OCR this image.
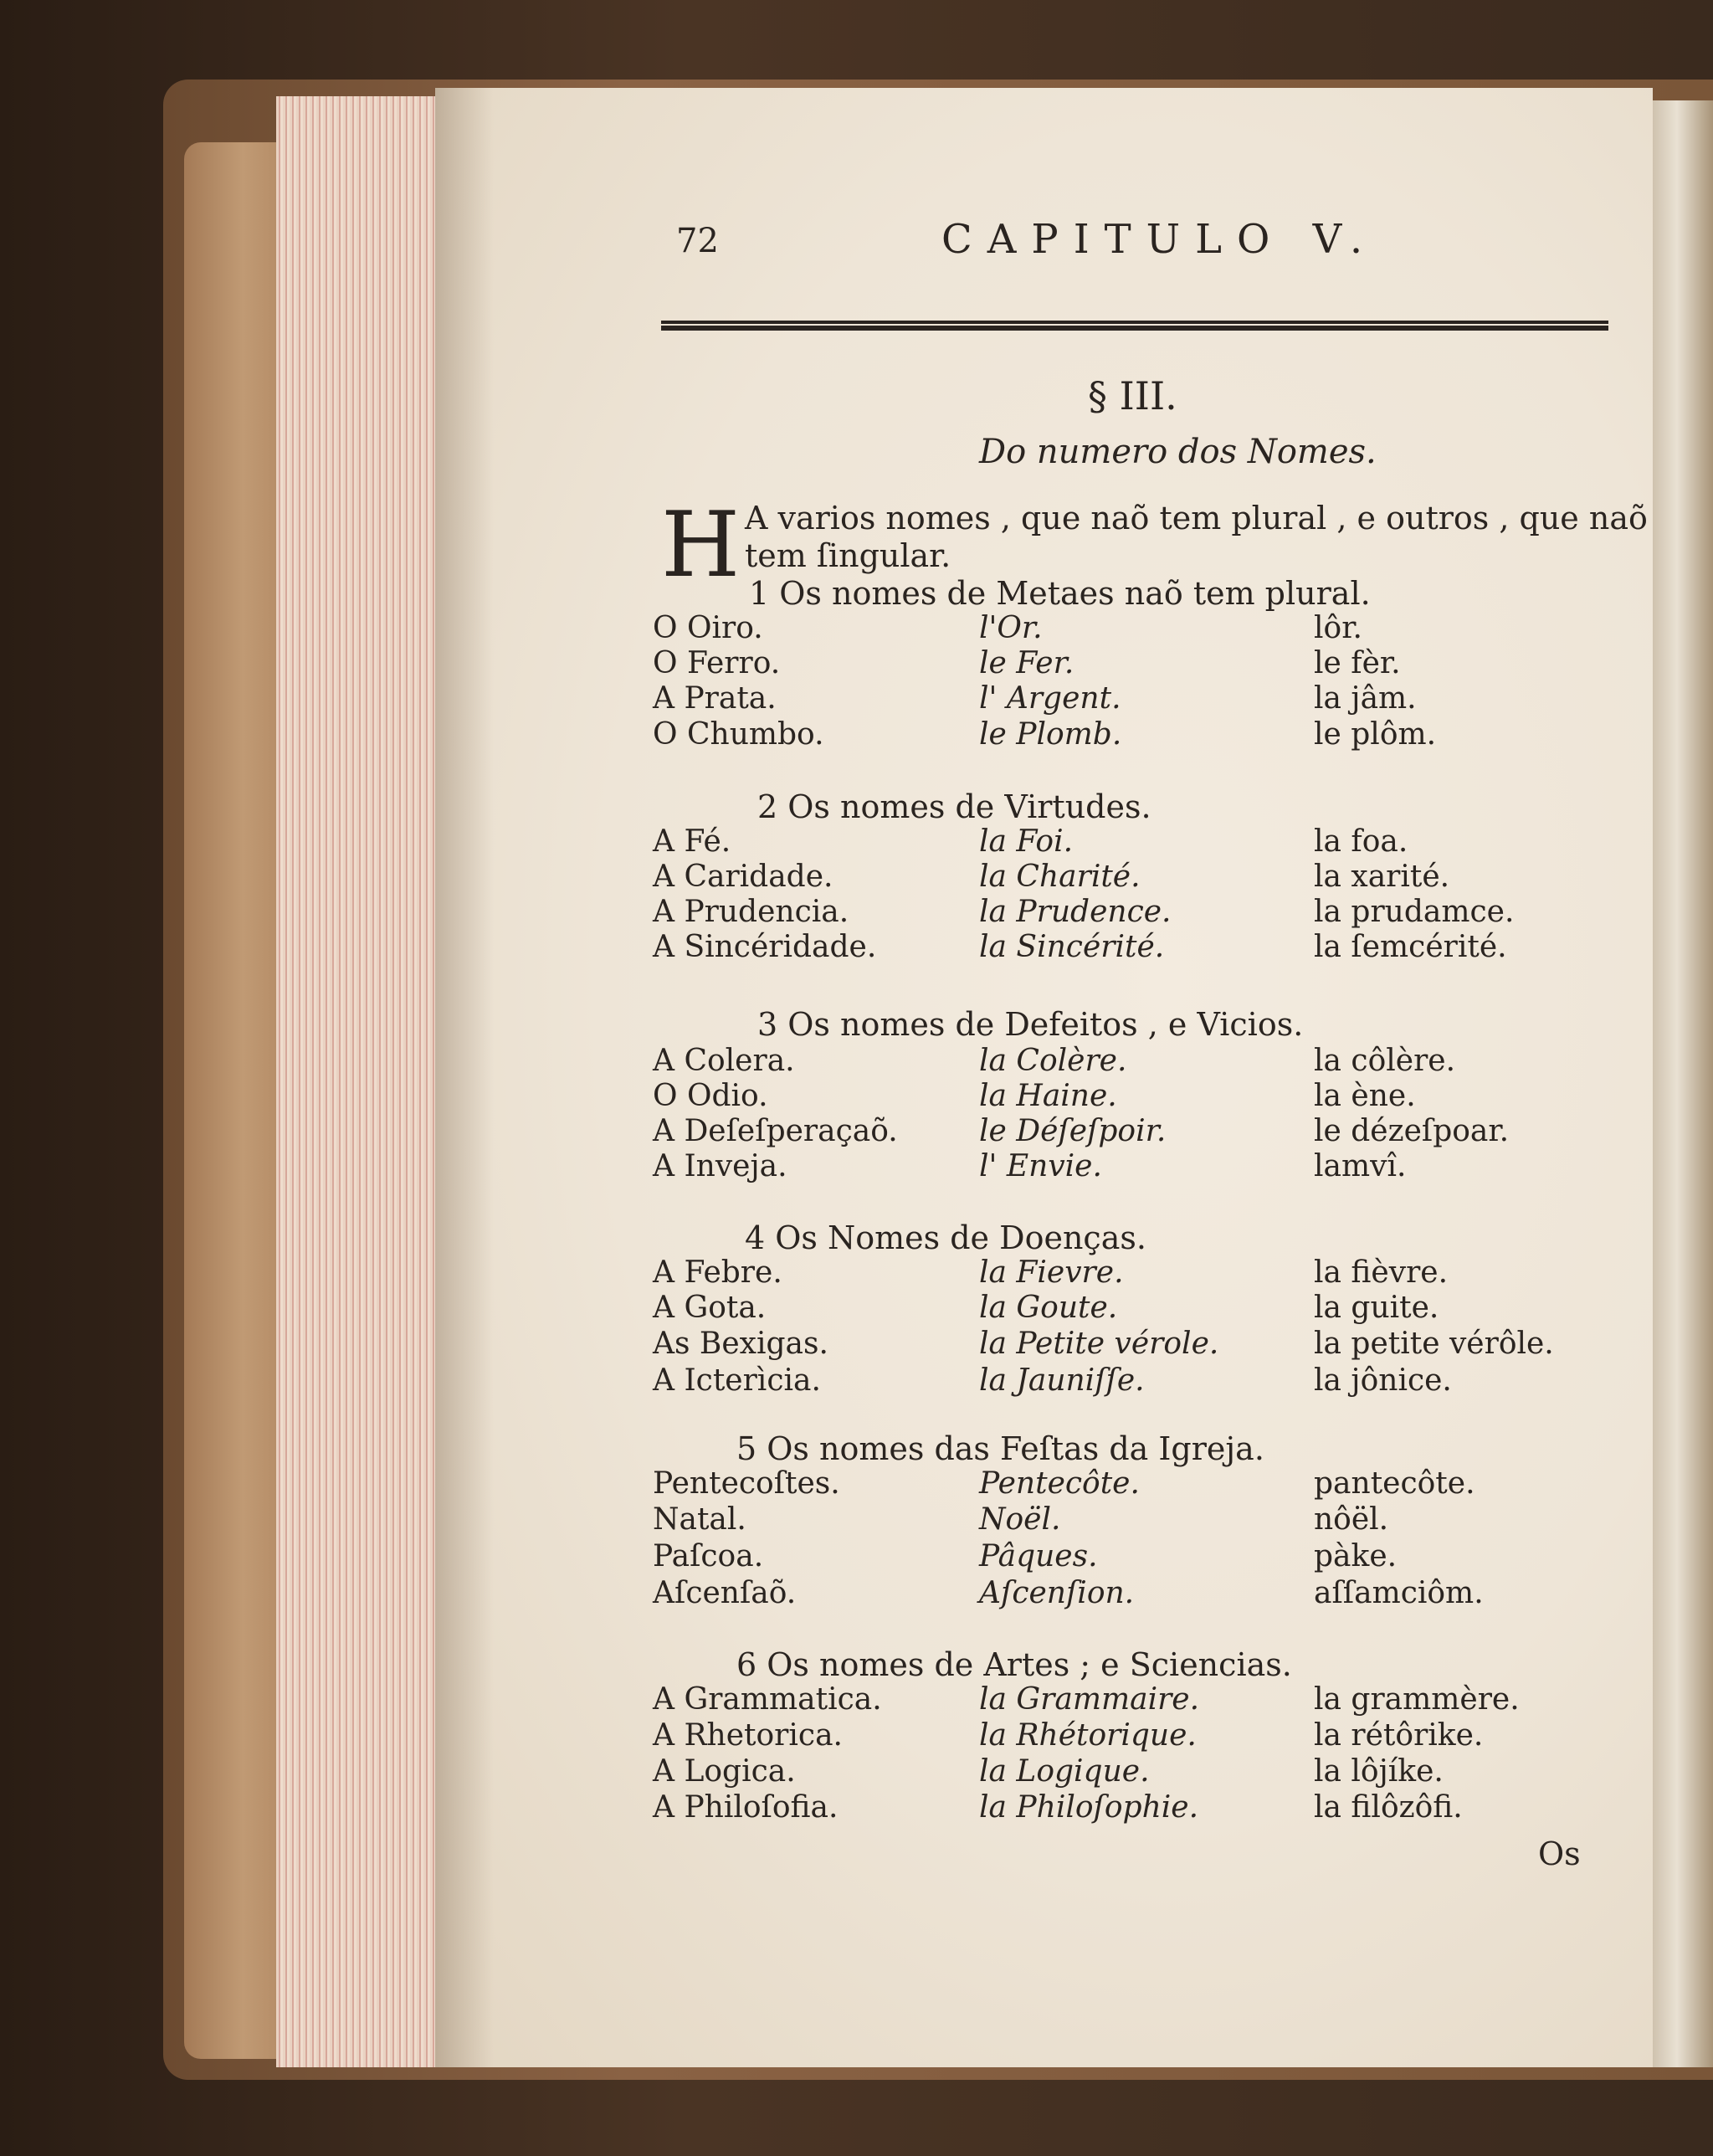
72	CAPITULO V.
§ III.
Do numero dos Nomes.
H A varios nomes , que naõ tem plural , e outros , que naõ
tem ſingular.
1 Os nomes de Metaes naõ tem plural.
O Oiro.	l'Or.	lôr.
O Ferro.	le Fer.	le fèr.
A Prata.	l' Argent.	la jâm.
O Chumbo.	le Plomb.	le plôm.
2 Os nomes de Virtudes.
A Fé.	la Foi.	la foa.
A Caridade.	la Charité.	la xarité.
A Prudencia.	la Prudence.	la prudamce.
A Sincéridade.	la Sincérité.	la ſemcérité.
3 Os nomes de Defeitos , e Vicios.
A Colera.	la Colère.	la côlère.
O Odio.	la Haine.	la ène.
A Deſeſperaçaõ.	le Déſeſpoir.	le dézeſpoar.
A Inveja.	l' Envie.	lamvî.
4 Os Nomes de Doenças.
A Febre.	la Fievre.	la fièvre.
A Gota.	la Goute.	la guite.
As Bexigas.	la Petite vérole.	la petite vérôle.
A Icterìcia.	la Jauniſſe.	la jônice.
5 Os nomes das Feſtas da Igreja.
Pentecoſtes.	Pentecôte.	pantecôte.
Natal.	Noël.	nôël.
Paſcoa.	Pâques.	pàke.
Aſcenſaõ.	Aſcenſion.	aſſamciôm.
6 Os nomes de Artes ; e Sciencias.
A Grammatica.	la Grammaire.	la grammère.
A Rhetorica.	la Rhétorique.	la rétôrike.
A Logica.	la Logique.	la lôjíke.
A Philoſofia.	la Philoſophie.	la filôzôfi.
Os
